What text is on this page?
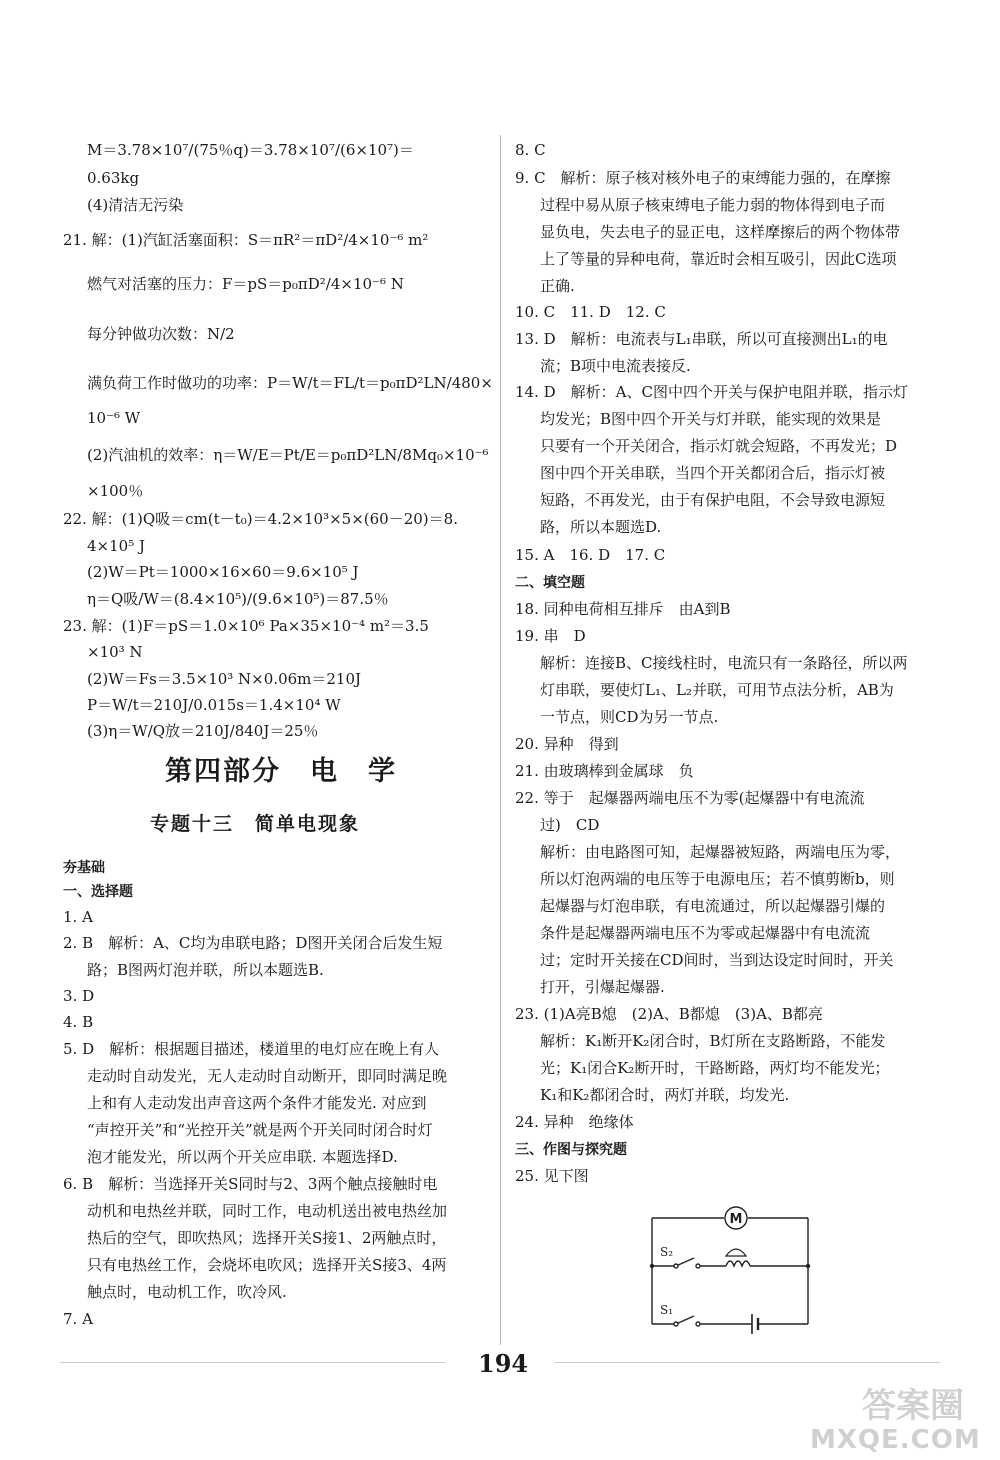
M＝3.78×10⁷/(75％q)＝3.78×10⁷/(6×10⁷)＝
0.63kg
(4)清洁无污染
21. 解：(1)汽缸活塞面积：S＝πR²＝πD²/4×10⁻⁶ m²
燃气对活塞的压力：F＝pS＝p₀πD²/4×10⁻⁶ N
每分钟做功次数：N/2
满负荷工作时做功的功率：P＝W/t＝FL/t＝p₀πD²LN/480×
10⁻⁶ W
(2)汽油机的效率：η＝W/E＝Pt/E＝p₀πD²LN/8Mq₀×10⁻⁶
×100％
22. 解：(1)Q吸＝cm(t－t₀)＝4.2×10³×5×(60－20)＝8.
4×10⁵ J
(2)W＝Pt＝1000×16×60＝9.6×10⁵ J
η＝Q吸/W＝(8.4×10⁵)/(9.6×10⁵)＝87.5％
23. 解：(1)F＝pS＝1.0×10⁶ Pa×35×10⁻⁴ m²＝3.5
×10³ N
(2)W＝Fs＝3.5×10³ N×0.06m＝210J
P＝W/t＝210J/0.015s＝1.4×10⁴ W
(3)η＝W/Q放＝210J/840J＝25％
第四部分　电　学
专题十三　简单电现象
夯基础
一、选择题
1. A
2. B　解析：A、C均为串联电路；D图开关闭合后发生短
路；B图两灯泡并联，所以本题选B.
3. D
4. B
5. D　解析：根据题目描述，楼道里的电灯应在晚上有人
走动时自动发光，无人走动时自动断开，即同时满足晚
上和有人走动发出声音这两个条件才能发光. 对应到
“声控开关”和“光控开关”就是两个开关同时闭合时灯
泡才能发光，所以两个开关应串联. 本题选择D.
6. B　解析：当选择开关S同时与2、3两个触点接触时电
动机和电热丝并联，同时工作，电动机送出被电热丝加
热后的空气，即吹热风；选择开关S接1、2两触点时，
只有电热丝工作，会烧坏电吹风；选择开关S接3、4两
触点时，电动机工作，吹冷风.
7. A
8. C
9. C　解析：原子核对核外电子的束缚能力强的，在摩擦
过程中易从原子核束缚电子能力弱的物体得到电子而
显负电，失去电子的显正电，这样摩擦后的两个物体带
上了等量的异种电荷，靠近时会相互吸引，因此C选项
正确.
10. C　11. D　12. C
13. D　解析：电流表与L₁串联，所以可直接测出L₁的电
流；B项中电流表接反.
14. D　解析：A、C图中四个开关与保护电阻并联，指示灯
均发光；B图中四个开关与灯并联，能实现的效果是
只要有一个开关闭合，指示灯就会短路，不再发光；D
图中四个开关串联，当四个开关都闭合后，指示灯被
短路，不再发光，由于有保护电阻，不会导致电源短
路，所以本题选D.
15. A　16. D　17. C
二、填空题
18. 同种电荷相互排斥　由A到B
19. 串　D
解析：连接B、C接线柱时，电流只有一条路径，所以两
灯串联，要使灯L₁、L₂并联，可用节点法分析，AB为
一节点，则CD为另一节点.
20. 异种　得到
21. 由玻璃棒到金属球　负
22. 等于　起爆器两端电压不为零(起爆器中有电流流
过)　CD
解析：由电路图可知，起爆器被短路，两端电压为零，
所以灯泡两端的电压等于电源电压；若不慎剪断b，则
起爆器与灯泡串联，有电流通过，所以起爆器引爆的
条件是起爆器两端电压不为零或起爆器中有电流流
过；定时开关接在CD间时，当到达设定时间时，开关
打开，引爆起爆器.
23. (1)A亮B熄　(2)A、B都熄　(3)A、B都亮
解析：K₁断开K₂闭合时，B灯所在支路断路，不能发
光；K₁闭合K₂断开时，干路断路，两灯均不能发光；
K₁和K₂都闭合时，两灯并联，均发光.
24. 异种　绝缘体
三、作图与探究题
25. 见下图
M
S₂
S₁
194
答案圈
MXQE.COM
